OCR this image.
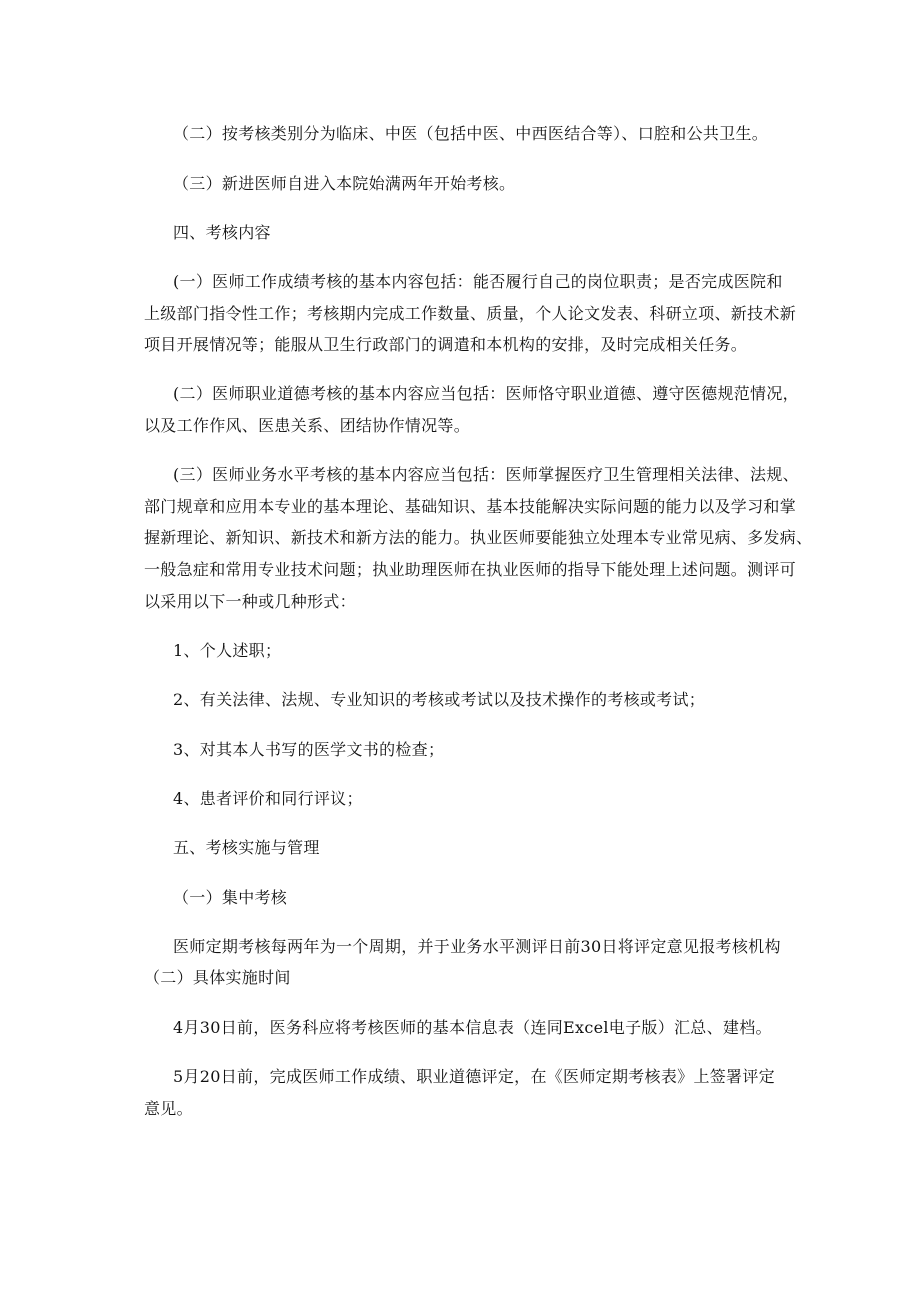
（二）按考核类别分为临床、中医（包括中医、中西医结合等）、口腔和公共卫生。
（三）新进医师自进入本院始满两年开始考核。
四、考核内容
(一）医师工作成绩考核的基本内容包括：能否履行自己的岗位职责；是否完成医院和
上级部门指令性工作；考核期内完成工作数量、质量，个人论文发表、科研立项、新技术新
项目开展情况等；能服从卫生行政部门的调遣和本机构的安排，及时完成相关任务。
(二）医师职业道德考核的基本内容应当包括：医师恪守职业道德、遵守医德规范情况，
以及工作作风、医患关系、团结协作情况等。
(三）医师业务水平考核的基本内容应当包括：医师掌握医疗卫生管理相关法律、法规、
部门规章和应用本专业的基本理论、基础知识、基本技能解决实际问题的能力以及学习和掌
握新理论、新知识、新技术和新方法的能力。执业医师要能独立处理本专业常见病、多发病、
一般急症和常用专业技术问题；执业助理医师在执业医师的指导下能处理上述问题。测评可
以采用以下一种或几种形式：
1、个人述职；
2、有关法律、法规、专业知识的考核或考试以及技术操作的考核或考试；
3、对其本人书写的医学文书的检查；
4、患者评价和同行评议；
五、考核实施与管理
（一）集中考核
医师定期考核每两年为一个周期，并于业务水平测评日前30日将评定意见报考核机构
（二）具体实施时间
4月30日前，医务科应将考核医师的基本信息表（连同Excel电子版）汇总、建档。
5月20日前，完成医师工作成绩、职业道德评定，在《医师定期考核表》上签署评定
意见。
